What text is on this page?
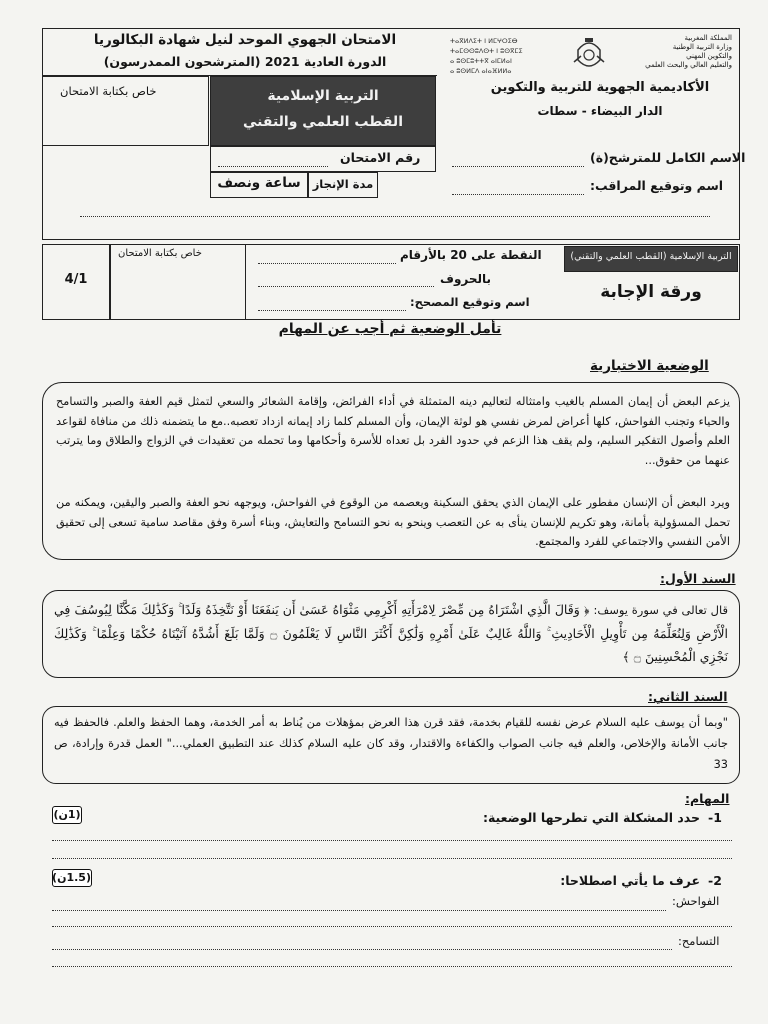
الامتحان الجهوي الموحد لنيل شهادة البكالوريا
الدورة العادية 2021 (المترشحون الممدرسون)
خاص بكتابة الامتحان	التربية الإسلامية
القطب العلمي والتقني
ⵜⴰⴳⵍⴷⵉⵜ ⵏ ⵍⵎⵖⵔⵉⴱ
ⵜⴰⵎⵙⵙⵓⴷⵙⵜ ⵏ ⵓⵙⴳⵎⵉ
ⴰ ⵓⵙⵎⵓⵜⵜⴳ ⴰⵏⵎⵍⴰⵏ
ⴰ ⵓⵙⵍⵎⴷ ⴰⵏⴰⴼⵍⵍⴰ
المملكة المغربية
وزارة التربية الوطنية
والتكوين المهني
والتعليم العالي والبحث العلمي
الأكاديمية الجهوية للتربية والتكوين
الدار البيضاء - سطات
رقم الامتحان	الاسم الكامل للمترشح(ة)
ساعة ونصف	مدة الإنجاز	اسم وتوقيع المراقب:
4/1
خاص بكتابة الامتحان	النقطة على 20 بالأرقام
بالحروف
اسم وتوقيع المصحح:
التربية الإسلامية (القطب العلمي والتقني)
ورقة الإجابة
تأمل الوضعية ثم أجب عن المهام
الوضعية الاختبارية
يزعم البعض أن إيمان المسلم بالغيب وامتثاله لتعاليم دينه المتمثلة في أداء الفرائض، وإقامة الشعائر والسعي لتمثل قيم العفة والصبر والتسامح والحياء وتجنب الفواحش، كلها أعراض لمرض نفسي هو لوثة الإيمان، وأن المسلم كلما زاد إيمانه ازداد تعصبه..مع ما يتضمنه ذلك من منافاة لقواعد العلم وأصول التفكير السليم، ولم يقف هذا الزعم في حدود الفرد بل تعداه للأسرة وأحكامها وما تحمله من تعقيدات في الزواج والطلاق وما يترتب عنهما من حقوق...
ويرد البعض أن الإنسان مفطور على الإيمان الذي يحقق السكينة ويعصمه من الوقوع في الفواحش، ويوجهه نحو العفة والصبر واليقين، ويمكنه من تحمل المسؤولية بأمانة، وهو تكريم للإنسان ينأى به عن التعصب وينحو به نحو التسامح والتعايش، وبناء أسرة وفق مقاصد سامية تسعى إلى تحقيق الأمن النفسي والاجتماعي للفرد والمجتمع.
السند الأول:
قال تعالى في سورة يوسف: ﴿ وَقَالَ الَّذِي اشْتَرَاهُ مِن مِّصْرَ لِامْرَأَتِهِ أَكْرِمِي مَثْوَاهُ عَسَىٰ أَن يَنفَعَنَا أَوْ نَتَّخِذَهُ وَلَدًا ۚ وَكَذَٰلِكَ مَكَّنَّا لِيُوسُفَ فِي الْأَرْضِ وَلِنُعَلِّمَهُ مِن تَأْوِيلِ الْأَحَادِيثِ ۚ وَاللَّهُ غَالِبٌ عَلَىٰ أَمْرِهِ وَلَٰكِنَّ أَكْثَرَ النَّاسِ لَا يَعْلَمُونَ ۝ وَلَمَّا بَلَغَ أَشُدَّهُ آتَيْنَاهُ حُكْمًا وَعِلْمًا ۚ وَكَذَٰلِكَ نَجْزِي الْمُحْسِنِينَ ۝ ﴾
السند الثاني:
"وبما أن يوسف عليه السلام عرض نفسه للقيام بخدمة، فقد قرن هذا العرض بمؤهلات من يُناط به أمر الخدمة، وهما الحفظ والعلم. فالحفظ فيه جانب الأمانة والإخلاص، والعلم فيه جانب الصواب والكفاءة والاقتدار، وقد كان عليه السلام كذلك عند التطبيق العملي..." العمل قدرة وإرادة، ص 33
المهام:
-1
حدد المشكلة التي تطرحها الوضعية:
(1ن)
-2
عرف ما يأتي اصطلاحا:
(1.5ن)
الفواحش:
التسامح:
